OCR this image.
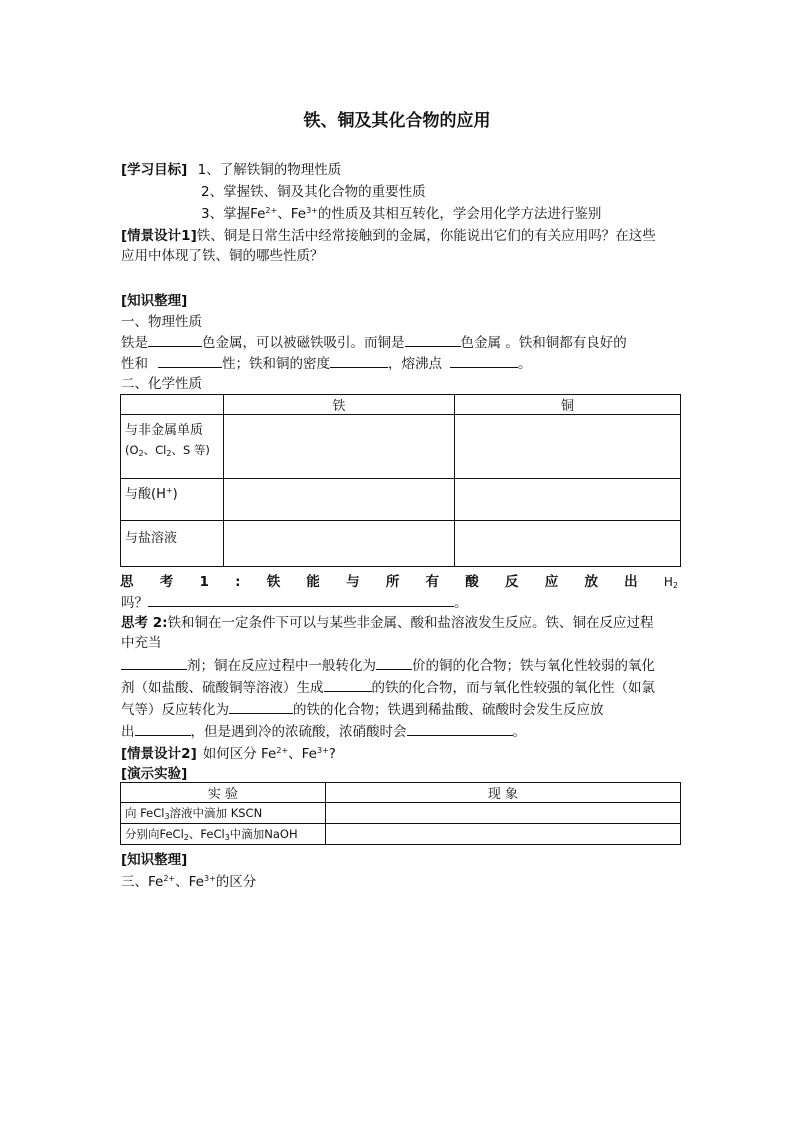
铁、铜及其化合物的应用
[学习目标] 1、了解铁铜的物理性质
2、掌握铁、铜及其化合物的重要性质
3、掌握$Fe^{2+}$、$Fe^{3+}$的性质及其相互转化，学会用化学方法进行鉴别
[情景设计1]铁、铜是日常生活中经常接触到的金属，你能说出它们的有关应用吗？在这些
应用中体现了铁、铜的哪些性质？
[知识整理]
一、物理性质
铁是	色金属，可以被磁铁吸引。而铜是	色金属 。铁和铜都有良好的
性和	性；铁和铜的密度	，熔沸点	。
二、化学性质
	铁	铜

与非金属单质
($O_2$、$Cl_2$、S 等)		

与酸(H+)		

与盐溶液		

思 考 1 : 铁 能 与 所 有 酸 反 应 放 出 $H_2$
吗？	。
思考 2:铁和铜在一定条件下可以与某些非金属、酸和盐溶液发生反应。铁、铜在反应过程
中充当
剂；铜在反应过程中一般转化为	价的铜的化合物；铁与氧化性较弱的氧化
剂（如盐酸、硫酸铜等溶液）生成	的铁的化合物，而与氧化性较强的氧化性（如氯
气等）反应转化为	的铁的化合物；铁遇到稀盐酸、硫酸时会发生反应放
出	，但是遇到冷的浓硫酸，浓硝酸时会	。
[情景设计2] 如何区分 $Fe^{2+}$、$Fe^{3+}$?
[演示实验]
实 验	现 象
向 FeCl$_3$溶液中滴加 KSCN	
分别向FeCl$_2$、FeCl$_3$中滴加NaOH	
[知识整理]
三、$Fe^{2+}$、$Fe^{3+}$的区分
